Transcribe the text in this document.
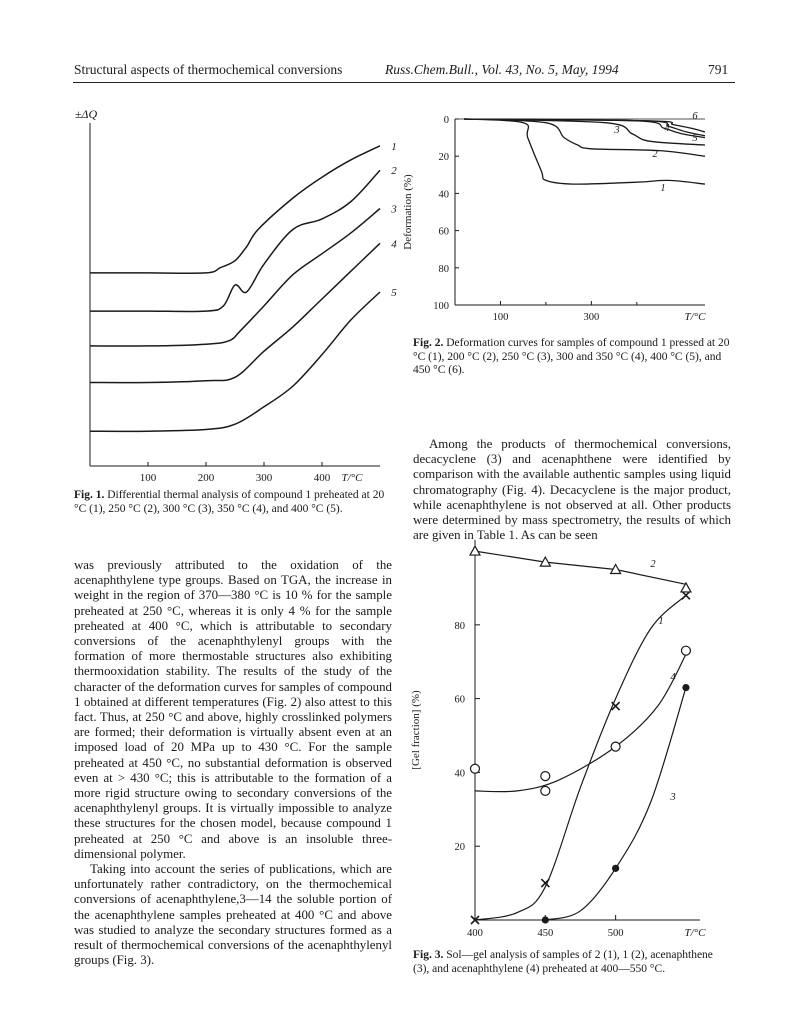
Structural aspects of thermochemical conversions	Russ.Chem.Bull., Vol. 43, No. 5, May, 1994	791
±ΔQ
100	200	300	400 T/°C
1
2
3
4
5
Fig. 1. Differential thermal analysis of compound 1 preheated at 20 °C (1), 250 °C (2), 300 °C (3), 350 °C (4), and 400 °C (5).
0
20
40
60
80
100
100	300
Deformation (%)
T/°C
1
2
3	4
5
6
Fig. 2. Deformation curves for samples of compound 1 pressed at 20 °C (1), 200 °C (2), 250 °C (3), 300 and 350 °C (4), 400 °C (5), and 450 °C (6).

Among the products of thermochemical conversions, decacyclene (3) and acenaphthene were identified by comparison with the available authentic samples using liquid chromatography (Fig. 4). Decacyclene is the major product, while acenaphthylene is not observed at all. Other products were determined by mass spectrometry, the results of which are given in Table 1. As can be seen

was previously attributed to the oxidation of the acenaphthylene type groups. Based on TGA, the increase in weight in the region of 370—380 °C is 10 % for the sample preheated at 250 °C, whereas it is only 4 % for the sample preheated at 400 °C, which is attributable to secondary conversions of the acenaphthylenyl groups with the formation of more thermostable structures also exhibiting thermooxidation stability. The results of the study of the character of the deformation curves for samples of compound 1 obtained at different temperatures (Fig. 2) also attest to this fact. Thus, at 250 °C and above, highly crosslinked polymers are formed; their deformation is virtually absent even at an imposed load of 20 MPa up to 430 °C. For the sample preheated at 450 °C, no substantial deformation is observed even at > 430 °C; this is attributable to the formation of a more rigid structure owing to secondary conversions of the acenaphthylenyl groups. It is virtually impossible to analyze these structures for the chosen model, because compound 1 preheated at 250 °C and above is an insoluble three-dimensional polymer.

Taking into account the series of publications, which are unfortunately rather contradictory, on the thermochemical conversions of acenaphthylene,3—14 the soluble portion of the acenaphthylene samples preheated at 400 °C and above was studied to analyze the secondary structures formed as a result of thermochemical conversions of the acenaphthylenyl groups (Fig. 3).

20
40
60
80
400	450	500
[Gel fraction] (%)
T/°C
1
2
3
4
Fig. 3. Sol—gel analysis of samples of 2 (1), 1 (2), acenaphthene (3), and acenaphthylene (4) preheated at 400—550 °C.
